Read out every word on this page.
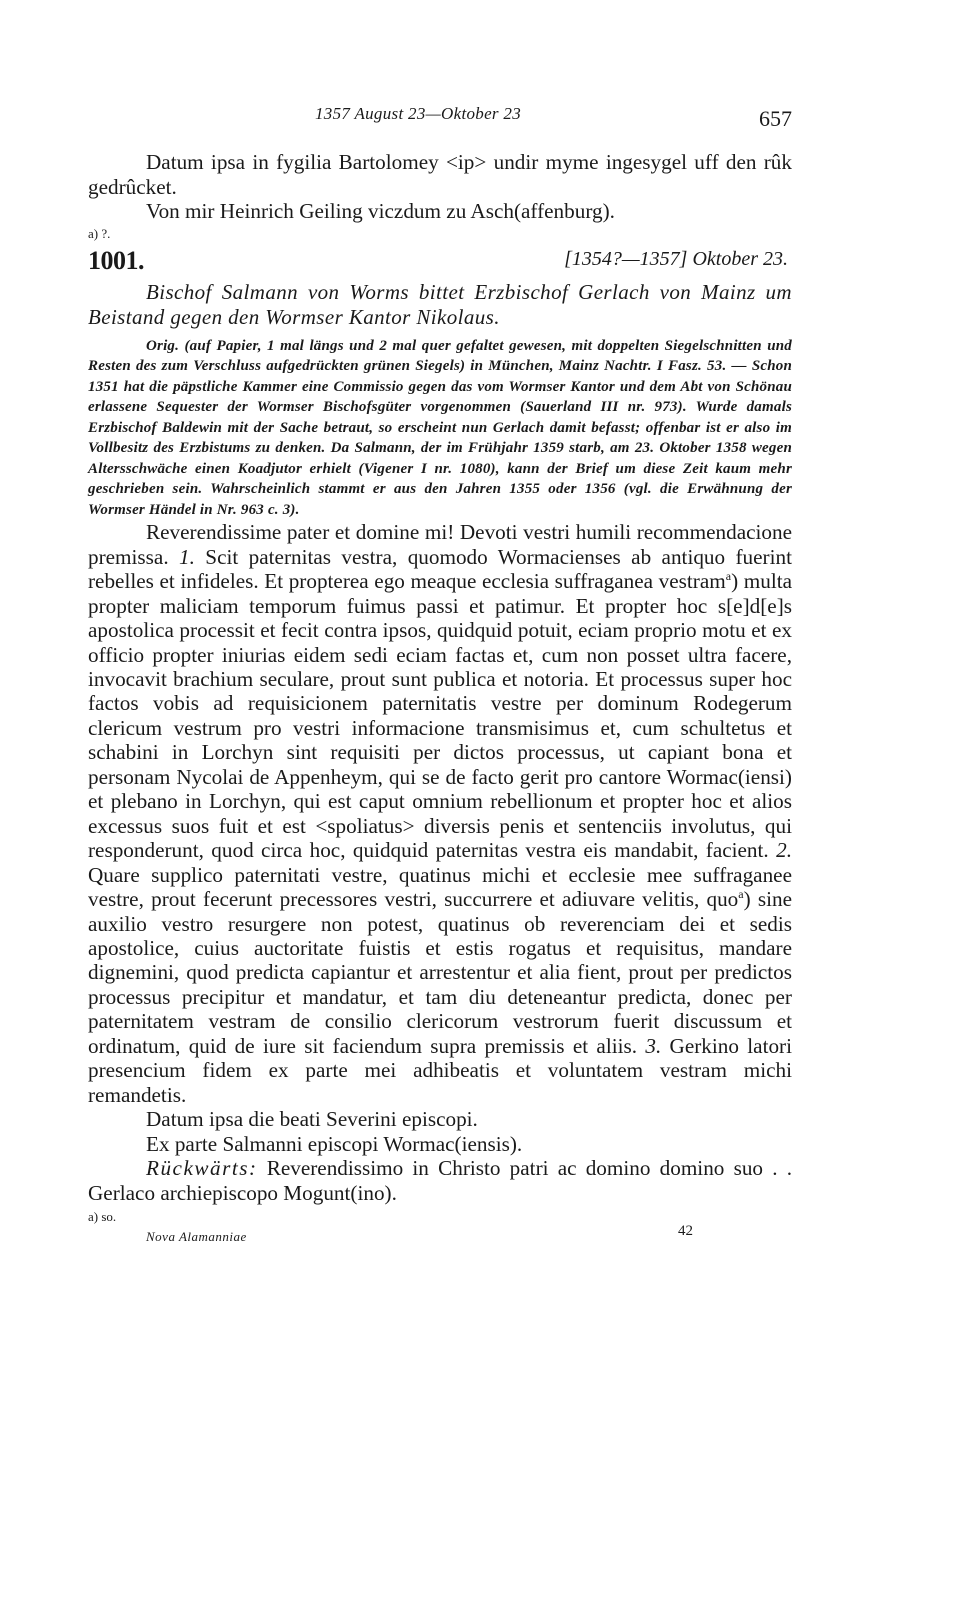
1357 August 23—Oktober 23	657

Datum ipsa in fygilia Bartolomey <ip> undir myme ingesygel uff den rûk gedrûcket.

Von mir Heinrich Geiling viczdum zu Asch(affenburg).

a) ?.
1001.	[1354?—1357] Oktober 23.

Bischof Salmann von Worms bittet Erzbischof Gerlach von Mainz um Beistand gegen den Wormser Kantor Nikolaus.

Orig. (auf Papier, 1 mal längs und 2 mal quer gefaltet gewesen, mit doppelten Siegelschnitten und Resten des zum Verschluss aufgedrückten grünen Siegels) in München, Mainz Nachtr. I Fasz. 53. — Schon 1351 hat die päpstliche Kammer eine Commissio gegen das vom Wormser Kantor und dem Abt von Schönau erlassene Sequester der Wormser Bischofsgüter vorgenommen (Sauerland III nr. 973). Wurde damals Erzbischof Baldewin mit der Sache betraut, so erscheint nun Gerlach damit befasst; offenbar ist er also im Vollbesitz des Erzbistums zu denken. Da Salmann, der im Frühjahr 1359 starb, am 23. Oktober 1358 wegen Altersschwäche einen Koadjutor erhielt (Vigener I nr. 1080), kann der Brief um diese Zeit kaum mehr geschrieben sein. Wahrscheinlich stammt er aus den Jahren 1355 oder 1356 (vgl. die Erwähnung der Wormser Händel in Nr. 963 c. 3).

Reverendissime pater et domine mi! Devoti vestri humili recommendacione premissa. 1. Scit paternitas vestra, quomodo Wormacienses ab antiquo fuerint rebelles et infideles. Et propterea ego meaque ecclesia suffraganea vestram$^a$) multa propter maliciam temporum fuimus passi et patimur. Et propter hoc s[e]d[e]s apostolica processit et fecit contra ipsos, quidquid potuit, eciam proprio motu et ex officio propter iniurias eidem sedi eciam factas et, cum non posset ultra facere, invocavit brachium seculare, prout sunt publica et notoria. Et processus super hoc factos vobis ad requisicionem paternitatis vestre per dominum Rodegerum clericum vestrum pro vestri informacione transmisimus et, cum schultetus et schabini in Lorchyn sint requisiti per dictos processus, ut capiant bona et personam Nycolai de Appenheym, qui se de facto gerit pro cantore Wormac(iensi) et plebano in Lorchyn, qui est caput omnium rebellionum et propter hoc et alios excessus suos fuit et est <spoliatus> diversis penis et sentenciis involutus, qui responderunt, quod circa hoc, quidquid paternitas vestra eis mandabit, facient. 2. Quare supplico paternitati vestre, quatinus michi et ecclesie mee suffraganee vestre, prout fecerunt precessores vestri, succurrere et adiuvare velitis, quo$^a$) sine auxilio vestro resurgere non potest, quatinus ob reverenciam dei et sedis apostolice, cuius auctoritate fuistis et estis rogatus et requisitus, mandare dignemini, quod predicta capiantur et arrestentur et alia fient, prout per predictos processus precipitur et mandatur, et tam diu deteneantur predicta, donec per paternitatem vestram de consilio clericorum vestrorum fuerit discussum et ordinatum, quid de iure sit faciendum supra premissis et aliis. 3. Gerkino latori presencium fidem ex parte mei adhibeatis et voluntatem vestram michi remandetis.

Datum ipsa die beati Severini episcopi.

Ex parte Salmanni episcopi Wormac(iensis).

Rückwärts: Reverendissimo in Christo patri ac domino domino suo . . Gerlaco archiepiscopo Mogunt(ino).

a) so.
Nova Alamanniae	42
